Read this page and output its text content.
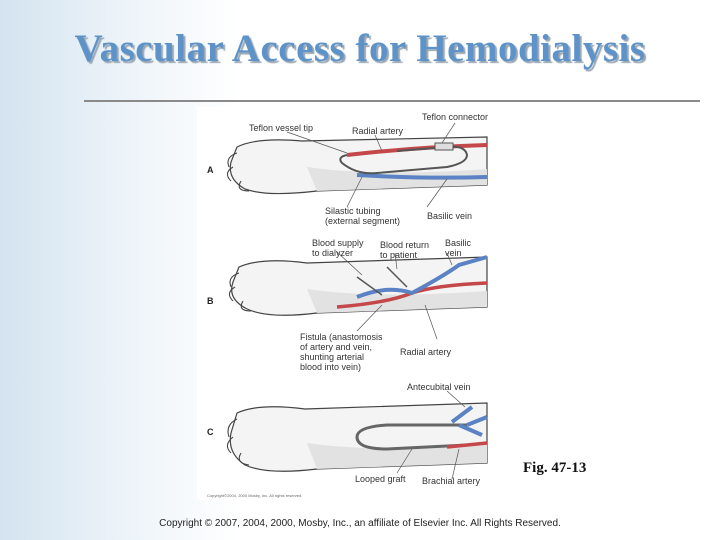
Vascular Access for Hemodialysis
A
Teflon vessel tip	Radial artery
Teflon connector
Silastic tubing
(external segment)	Basilic vein
B
Blood supply
to dialyzer
Blood return
to patient
Basilic
vein
Fistula (anastomosis
of artery and vein,
shunting arterial
blood into vein)
Radial artery
C
Antecubital vein
Looped graft Brachial artery
Copyright©2004, 2000 Mosby, Inc. All rights reserved.
Fig. 47-13
Copyright © 2007, 2004, 2000, Mosby, Inc., an affiliate of Elsevier Inc. All Rights Reserved.
